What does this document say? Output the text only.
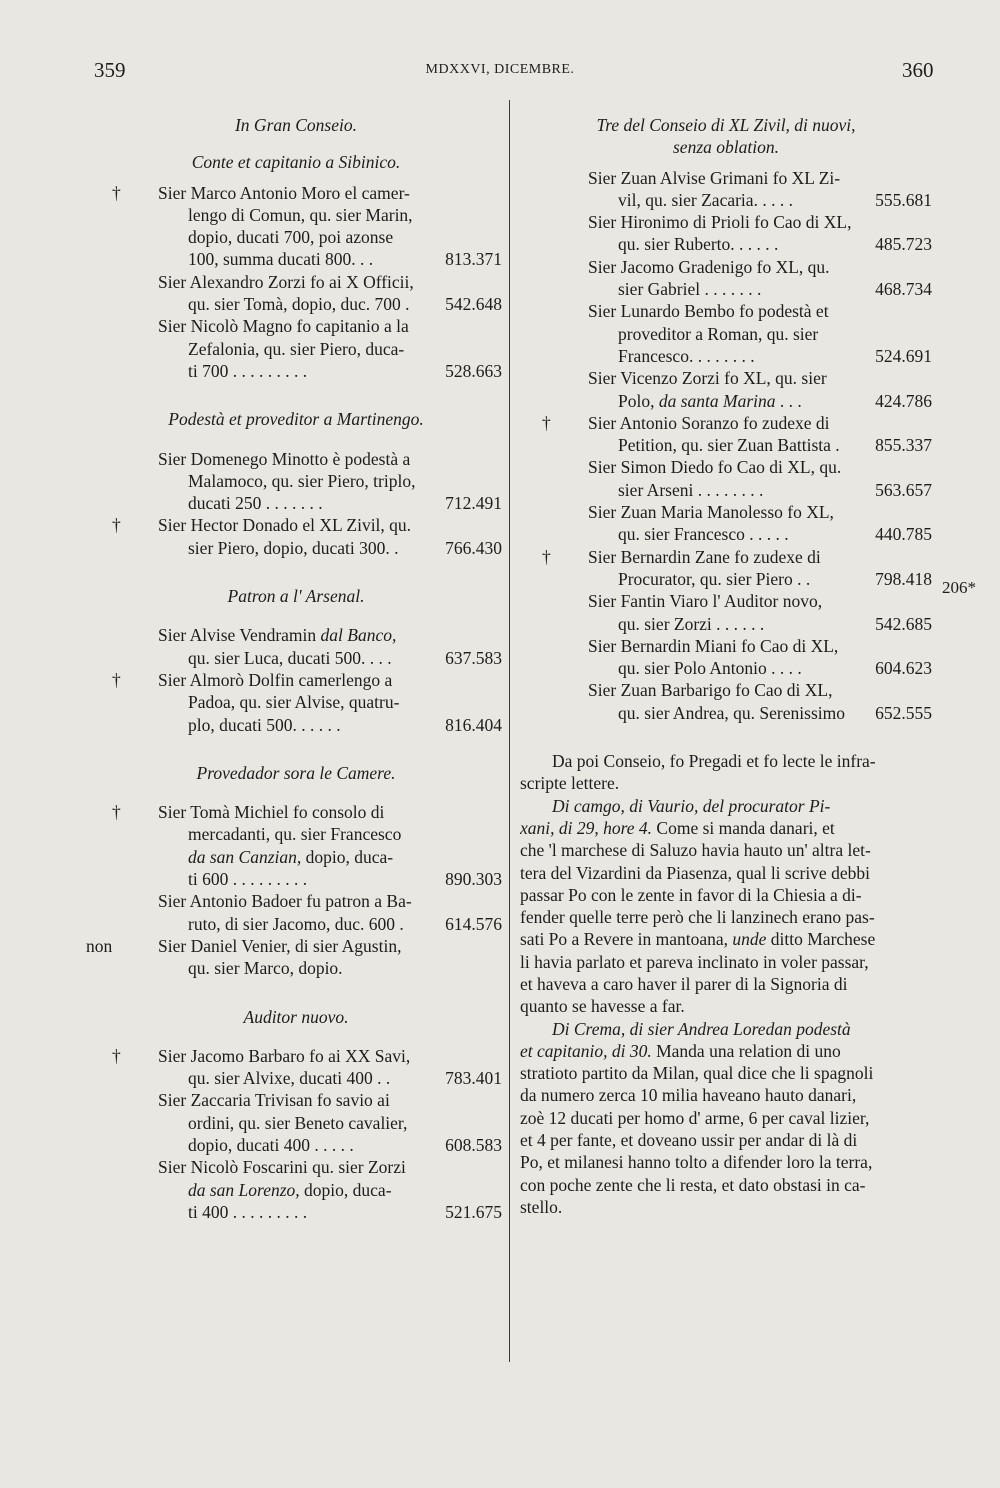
359	MDXXVI, DICEMBRE.	360
In Gran Conseio.
Conte et capitanio a Sibinico.
† Sier Marco Antonio Moro el camer-
lengo di Comun, qu. sier Marin,
dopio, ducati 700, poi azonse
100, summa ducati 800. . .	813.371
Sier Alexandro Zorzi fo ai X Officii,
qu. sier Tomà, dopio, duc. 700 . 542.648
Sier Nicolò Magno fo capitanio a la
Zefalonia, qu. sier Piero, duca-
ti 700 . . . . . . . . .	528.663
Podestà et proveditor a Martinengo.
Sier Domenego Minotto è podestà a
Malamoco, qu. sier Piero, triplo,
ducati 250 . . . . . . .	712.491
† Sier Hector Donado el XL Zivil, qu.
sier Piero, dopio, ducati 300. .	766.430
Patron a l' Arsenal.
Sier Alvise Vendramin dal Banco,
qu. sier Luca, ducati 500. . . .	637.583
† Sier Almorò Dolfin camerlengo a
Padoa, qu. sier Alvise, quatru-
plo, ducati 500. . . . . .	816.404
Provedador sora le Camere.
† Sier Tomà Michiel fo consolo di
mercadanti, qu. sier Francesco
da san Canzian, dopio, duca-
ti 600 . . . . . . . . .	890.303
Sier Antonio Badoer fu patron a Ba-
ruto, di sier Jacomo, duc. 600 . 614.576
non	Sier Daniel Venier, di sier Agustin,
qu. sier Marco, dopio.
Auditor nuovo.
† Sier Jacomo Barbaro fo ai XX Savi,
qu. sier Alvixe, ducati 400 . .	783.401
Sier Zaccaria Trivisan fo savio ai
ordini, qu. sier Beneto cavalier,
dopio, ducati 400 . . . . .	608.583
Sier Nicolò Foscarini qu. sier Zorzi
da san Lorenzo, dopio, duca-
ti 400 . . . . . . . . .	521.675
Tre del Conseio di XL Zivil, di nuovi,
senza oblation.
Sier Zuan Alvise Grimani fo XL Zi-
vil, qu. sier Zacaria. . . . .	555.681
Sier Hironimo di Prioli fo Cao di XL,
qu. sier Ruberto. . . . . .	485.723
Sier Jacomo Gradenigo fo XL, qu.
sier Gabriel . . . . . . .	468.734
Sier Lunardo Bembo fo podestà et
proveditor a Roman, qu. sier
Francesco. . . . . . . .	524.691
Sier Vicenzo Zorzi fo XL, qu. sier
Polo, da santa Marina . . .	424.786
† Sier Antonio Soranzo fo zudexe di
Petition, qu. sier Zuan Battista . 855.337
Sier Simon Diedo fo Cao di XL, qu.
sier Arseni . . . . . . . .	563.657
Sier Zuan Maria Manolesso fo XL,
qu. sier Francesco . . . . .	440.785
† Sier Bernardin Zane fo zudexe di
Procurator, qu. sier Piero . .	798.418
Sier Fantin Viaro l' Auditor novo,
qu. sier Zorzi . . . . . .	542.685
Sier Bernardin Miani fo Cao di XL,
qu. sier Polo Antonio . . . .	604.623
Sier Zuan Barbarigo fo Cao di XL,
qu. sier Andrea, qu. Serenissimo 652.555
Da poi Conseio, fo Pregadi et fo lecte le infra-
scripte lettere.
Di camgo, di Vaurio, del procurator Pi-
xani, di 29, hore 4. Come si manda danari, et
che 'l marchese di Saluzo havia hauto un' altra let-
tera del Vizardini da Piasenza, qual li scrive debbi
passar Po con le zente in favor di la Chiesia a di-
fender quelle terre però che li lanzinech erano pas-
sati Po a Revere in mantoana, unde ditto Marchese
li havia parlato et pareva inclinato in voler passar,
et haveva a caro haver il parer di la Signoria di
quanto se havesse a far.
Di Crema, di sier Andrea Loredan podestà
et capitanio, di 30. Manda una relation di uno
stratioto partito da Milan, qual dice che li spagnoli
da numero zerca 10 milia haveano hauto danari,
zoè 12 ducati per homo d' arme, 6 per caval lizier,
et 4 per fante, et doveano ussir per andar di là di
Po, et milanesi hanno tolto a difender loro la terra,
con poche zente che li resta, et dato obstasi in ca-
stello.
206*
